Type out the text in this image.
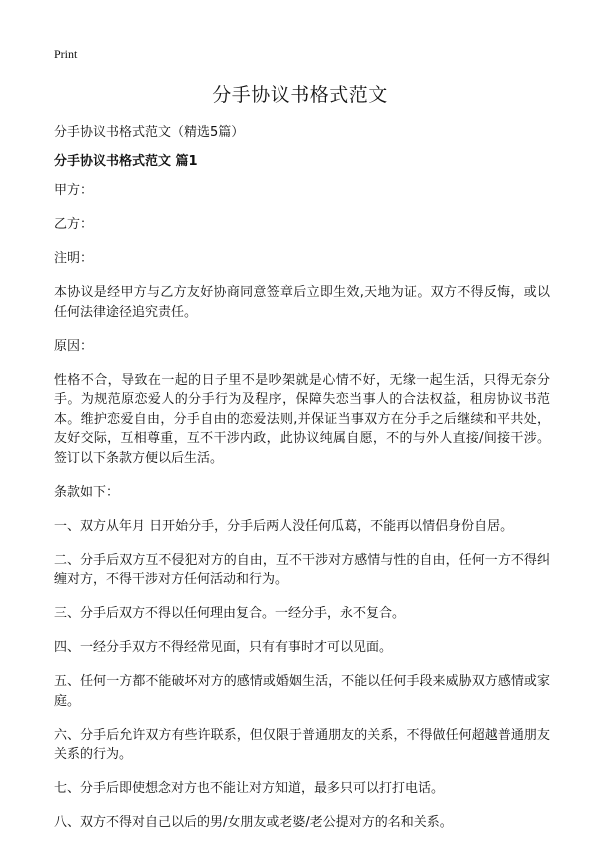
Print
分手协议书格式范文
分手协议书格式范文（精选5篇）
分手协议书格式范文 篇1

甲方：

乙方：

注明：

本协议是经甲方与乙方友好协商同意签章后立即生效,天地为证。双方不得反悔，或以任何法律途径追究责任。

原因：

性格不合，导致在一起的日子里不是吵架就是心情不好，无缘一起生活，只得无奈分手。为规范原恋爱人的分手行为及程序，保障失恋当事人的合法权益，租房协议书范本。维护恋爱自由，分手自由的恋爱法则,并保证当事双方在分手之后继续和平共处，友好交际，互相尊重，互不干涉内政，此协议纯属自愿，不的与外人直接/间接干涉。签订以下条款方便以后生活。

条款如下：

一、双方从年月 日开始分手，分手后两人没任何瓜葛，不能再以情侣身份自居。

二、分手后双方互不侵犯对方的自由，互不干涉对方感情与性的自由，任何一方不得纠缠对方，不得干涉对方任何活动和行为。

三、分手后双方不得以任何理由复合。一经分手，永不复合。

四、一经分手双方不得经常见面，只有有事时才可以见面。

五、任何一方都不能破坏对方的感情或婚姻生活，不能以任何手段来威胁双方感情或家庭。

六、分手后允许双方有些许联系，但仅限于普通朋友的关系，不得做任何超越普通朋友关系的行为。

七、分手后即使想念对方也不能让对方知道，最多只可以打打电话。

八、双方不得对自己以后的男/女朋友或老婆/老公提对方的名和关系。
